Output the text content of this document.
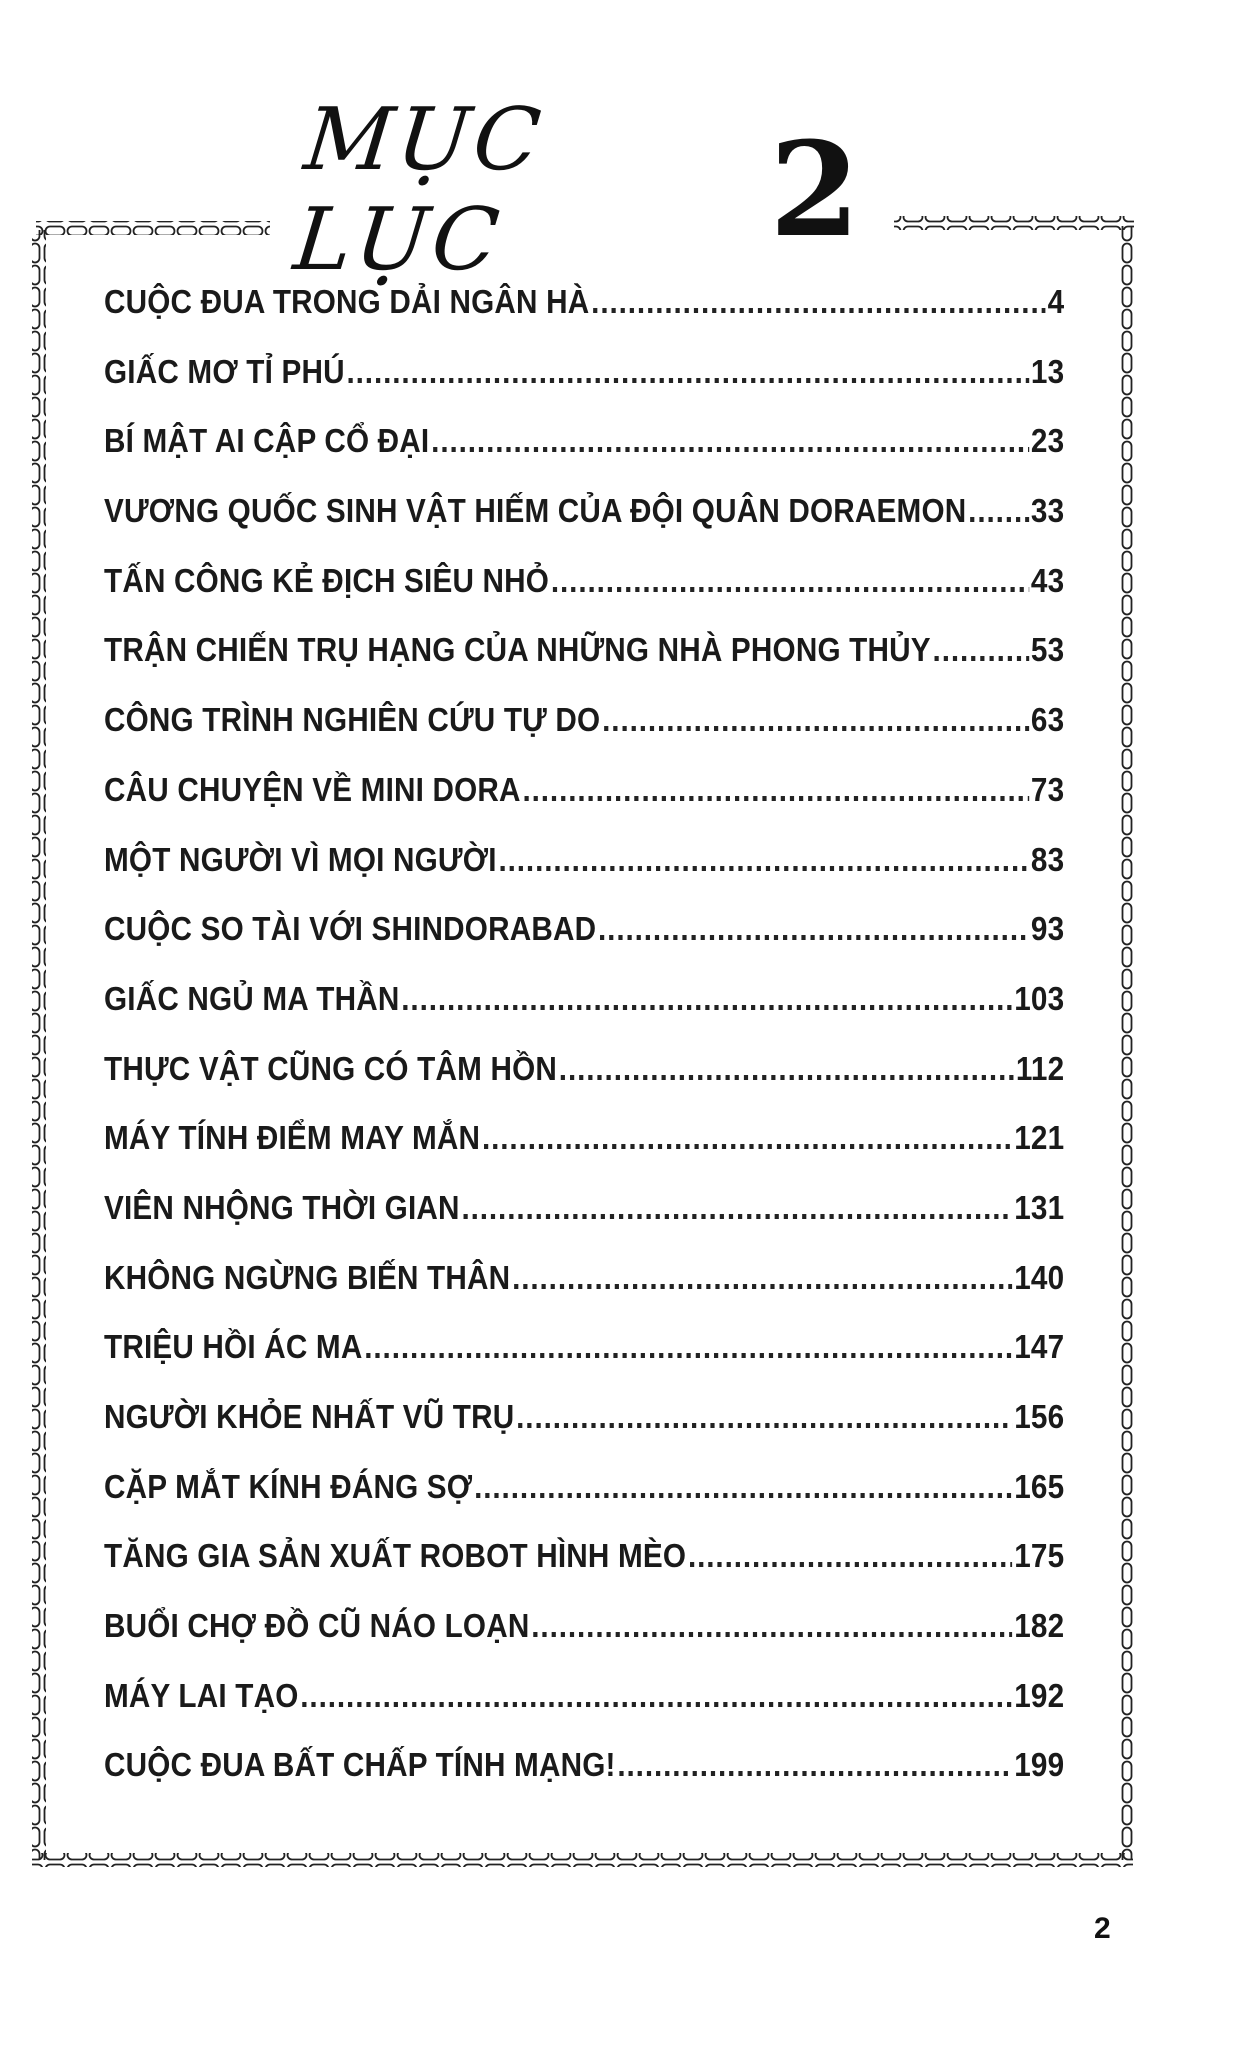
MỤC LỤC	2
CUỘC ĐUA TRONG DẢI NGÂN HÀ .....	4
GIẤC MƠ TỈ PHÚ .....	13
BÍ MẬT AI CẬP CỔ ĐẠI .....	23
VƯƠNG QUỐC SINH VẬT HIẾM CỦA ĐỘI QUÂN DORAEMON ..... 33
TẤN CÔNG KẺ ĐỊCH SIÊU NHỎ .....	43
TRẬN CHIẾN TRỤ HẠNG CỦA NHỮNG NHÀ PHONG THỦY .....	53
CÔNG TRÌNH NGHIÊN CỨU TỰ DO .....	63
CÂU CHUYỆN VỀ MINI DORA .....	73
MỘT NGƯỜI VÌ MỌI NGƯỜI .....	83
CUỘC SO TÀI VỚI SHINDORABAD .....	93
GIẤC NGỦ MA THẦN .....	103
THỰC VẬT CŨNG CÓ TÂM HỒN .....	112
MÁY TÍNH ĐIỂM MAY MẮN .....	121
VIÊN NHỘNG THỜI GIAN .....	131
KHÔNG NGỪNG BIẾN THÂN .....	140
TRIỆU HỒI ÁC MA .....	147
NGƯỜI KHỎE NHẤT VŨ TRỤ .....	156
CẶP MẮT KÍNH ĐÁNG SỢ .....	165
TĂNG GIA SẢN XUẤT ROBOT HÌNH MÈO .....	175
BUỔI CHỢ ĐỒ CŨ NÁO LOẠN .....	182
MÁY LAI TẠO .....	192
CUỘC ĐUA BẤT CHẤP TÍNH MẠNG! .....	199
2
